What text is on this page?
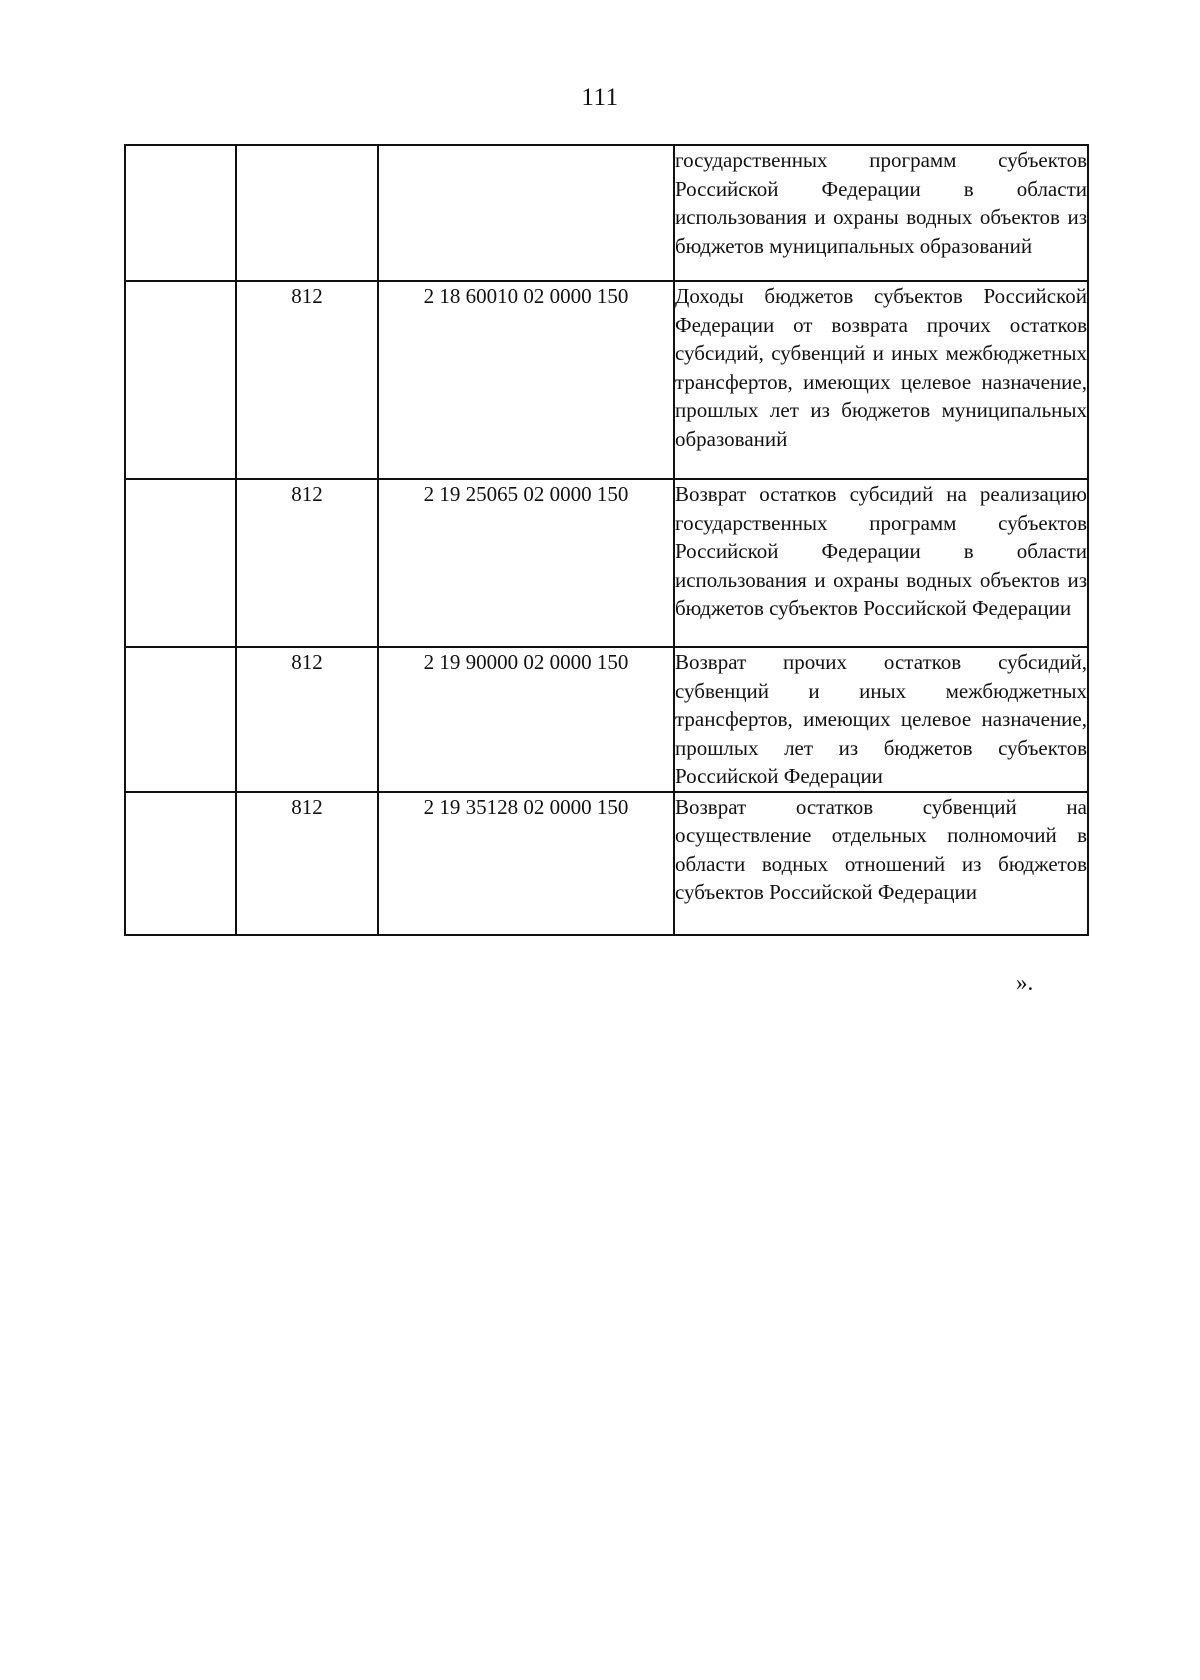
111
			государственных программ субъектов Российской Федерации в области использования и охраны водных объектов из бюджетов муниципальных образований
	812	2 18 60010 02 0000 150	Доходы бюджетов субъектов Российской Федерации от возврата прочих остатков субсидий, субвенций и иных межбюджетных трансфертов, имеющих целевое назначение, прошлых лет из бюджетов муниципальных образований
	812	2 19 25065 02 0000 150	Возврат остатков субсидий на реализацию государственных программ субъектов Российской Федерации в области использования и охраны водных объектов из бюджетов субъектов Российской Федерации
	812	2 19 90000 02 0000 150	Возврат прочих остатков субсидий, субвенций и иных межбюджетных трансфертов, имеющих целевое назначение, прошлых лет из бюджетов субъектов Российской Федерации
	812	2 19 35128 02 0000 150	Возврат остатков субвенций на осуществление отдельных полномочий в области водных отношений из бюджетов субъектов Российской Федерации
».
